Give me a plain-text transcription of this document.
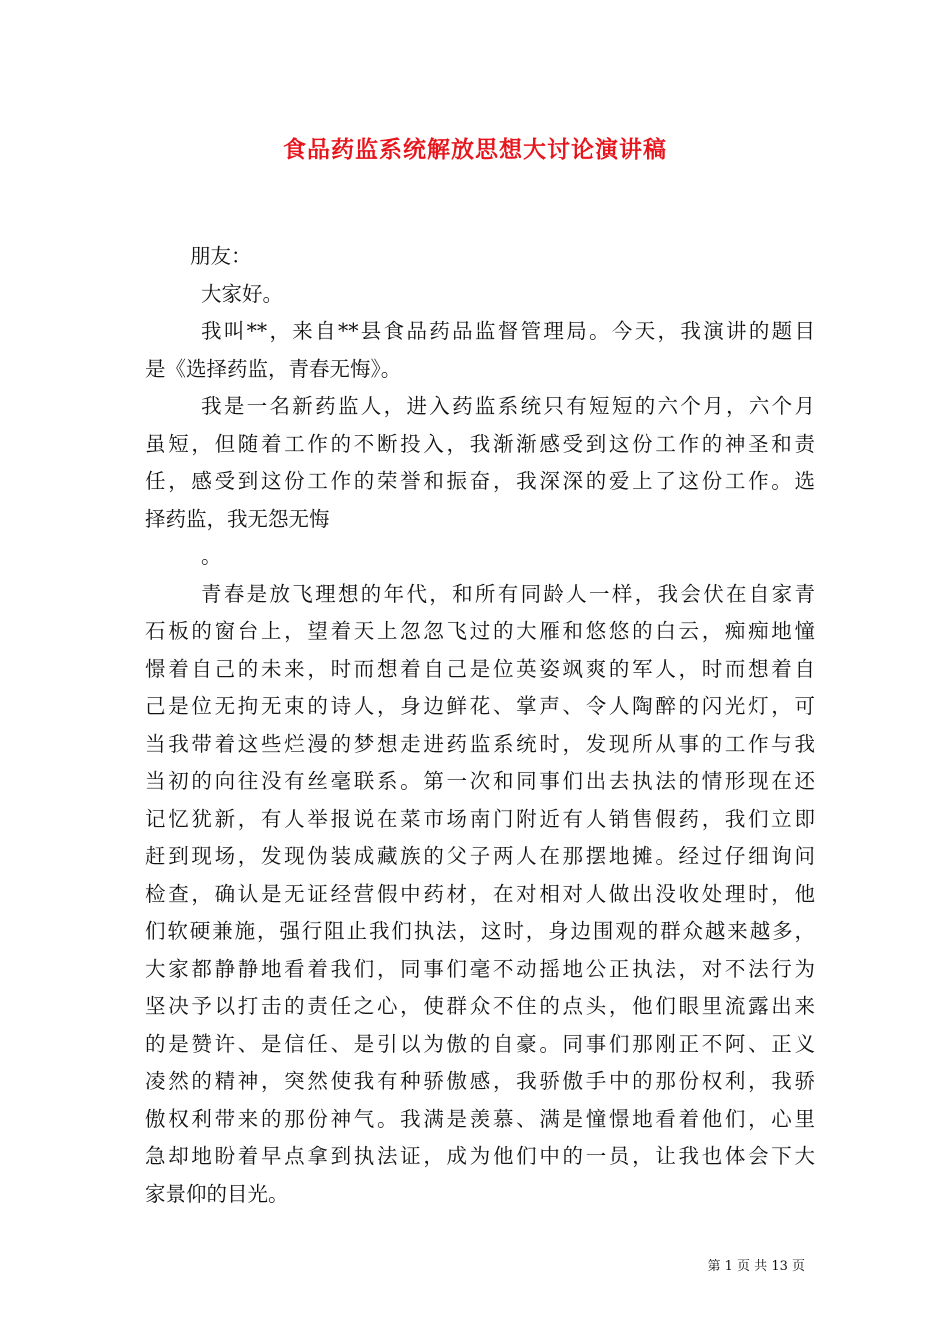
食品药监系统解放思想大讨论演讲稿
朋友：
大家好。
我叫**，来自**县食品药品监督管理局。今天，我演讲的题目
是《选择药监，青春无悔》。
我是一名新药监人，进入药监系统只有短短的六个月，六个月
虽短，但随着工作的不断投入，我渐渐感受到这份工作的神圣和责
任，感受到这份工作的荣誉和振奋，我深深的爱上了这份工作。选
择药监，我无怨无悔
。
青春是放飞理想的年代，和所有同龄人一样，我会伏在自家青
石板的窗台上，望着天上忽忽飞过的大雁和悠悠的白云，痴痴地憧
憬着自己的未来，时而想着自己是位英姿飒爽的军人，时而想着自
己是位无拘无束的诗人，身边鲜花、掌声、令人陶醉的闪光灯，可
当我带着这些烂漫的梦想走进药监系统时，发现所从事的工作与我
当初的向往没有丝毫联系。第一次和同事们出去执法的情形现在还
记忆犹新，有人举报说在菜市场南门附近有人销售假药，我们立即
赶到现场，发现伪装成藏族的父子两人在那摆地摊。经过仔细询问
检查，确认是无证经营假中药材，在对相对人做出没收处理时，他
们软硬兼施，强行阻止我们执法，这时，身边围观的群众越来越多，
大家都静静地看着我们，同事们毫不动摇地公正执法，对不法行为
坚决予以打击的责任之心，使群众不住的点头，他们眼里流露出来
的是赞许、是信任、是引以为傲的自豪。同事们那刚正不阿、正义
凌然的精神，突然使我有种骄傲感，我骄傲手中的那份权利，我骄
傲权利带来的那份神气。我满是羡慕、满是憧憬地看着他们，心里
急却地盼着早点拿到执法证，成为他们中的一员，让我也体会下大
家景仰的目光。
第 1 页 共 13 页
